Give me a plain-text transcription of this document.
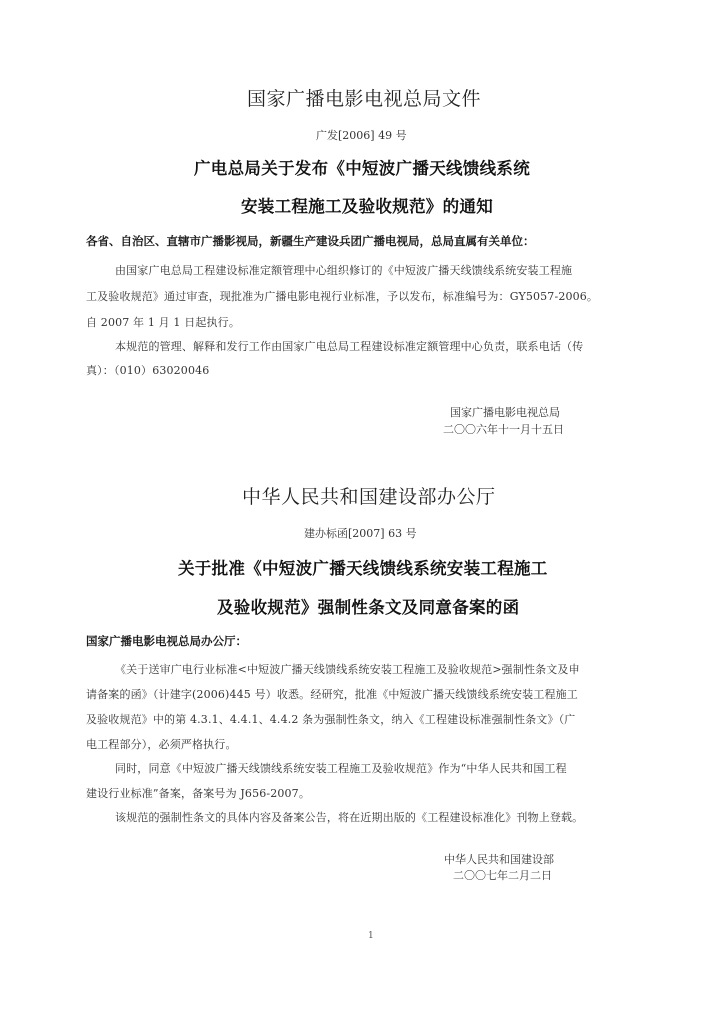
国家广播电影电视总局文件
广发[2006] 49 号
广电总局关于发布《中短波广播天线馈线系统
安装工程施工及验收规范》的通知
各省、自治区、直辖市广播影视局，新疆生产建设兵团广播电视局，总局直属有关单位：
由国家广电总局工程建设标准定额管理中心组织修订的《中短波广播天线馈线系统安装工程施
工及验收规范》通过审查，现批准为广播电影电视行业标准，予以发布，标准编号为：GY5057-2006。
自 2007 年 1 月 1 日起执行。
本规范的管理、解释和发行工作由国家广电总局工程建设标准定额管理中心负责，联系电话（传
真）：（010）63020046
国家广播电影电视总局
二〇〇六年十一月十五日
中华人民共和国建设部办公厅
建办标函[2007] 63 号
关于批准《中短波广播天线馈线系统安装工程施工
及验收规范》强制性条文及同意备案的函
国家广播电影电视总局办公厅：
《关于送审广电行业标准<中短波广播天线馈线系统安装工程施工及验收规范>强制性条文及申
请备案的函》（计建字(2006)445 号）收悉。经研究，批准《中短波广播天线馈线系统安装工程施工
及验收规范》中的第 4.3.1、4.4.1、4.4.2 条为强制性条文，纳入《工程建设标准强制性条文》（广
电工程部分），必须严格执行。
同时，同意《中短波广播天线馈线系统安装工程施工及验收规范》作为“中华人民共和国工程
建设行业标准”备案，备案号为 J656-2007。
该规范的强制性条文的具体内容及备案公告，将在近期出版的《工程建设标准化》刊物上登载。
中华人民共和国建设部
二〇〇七年二月二日
1
